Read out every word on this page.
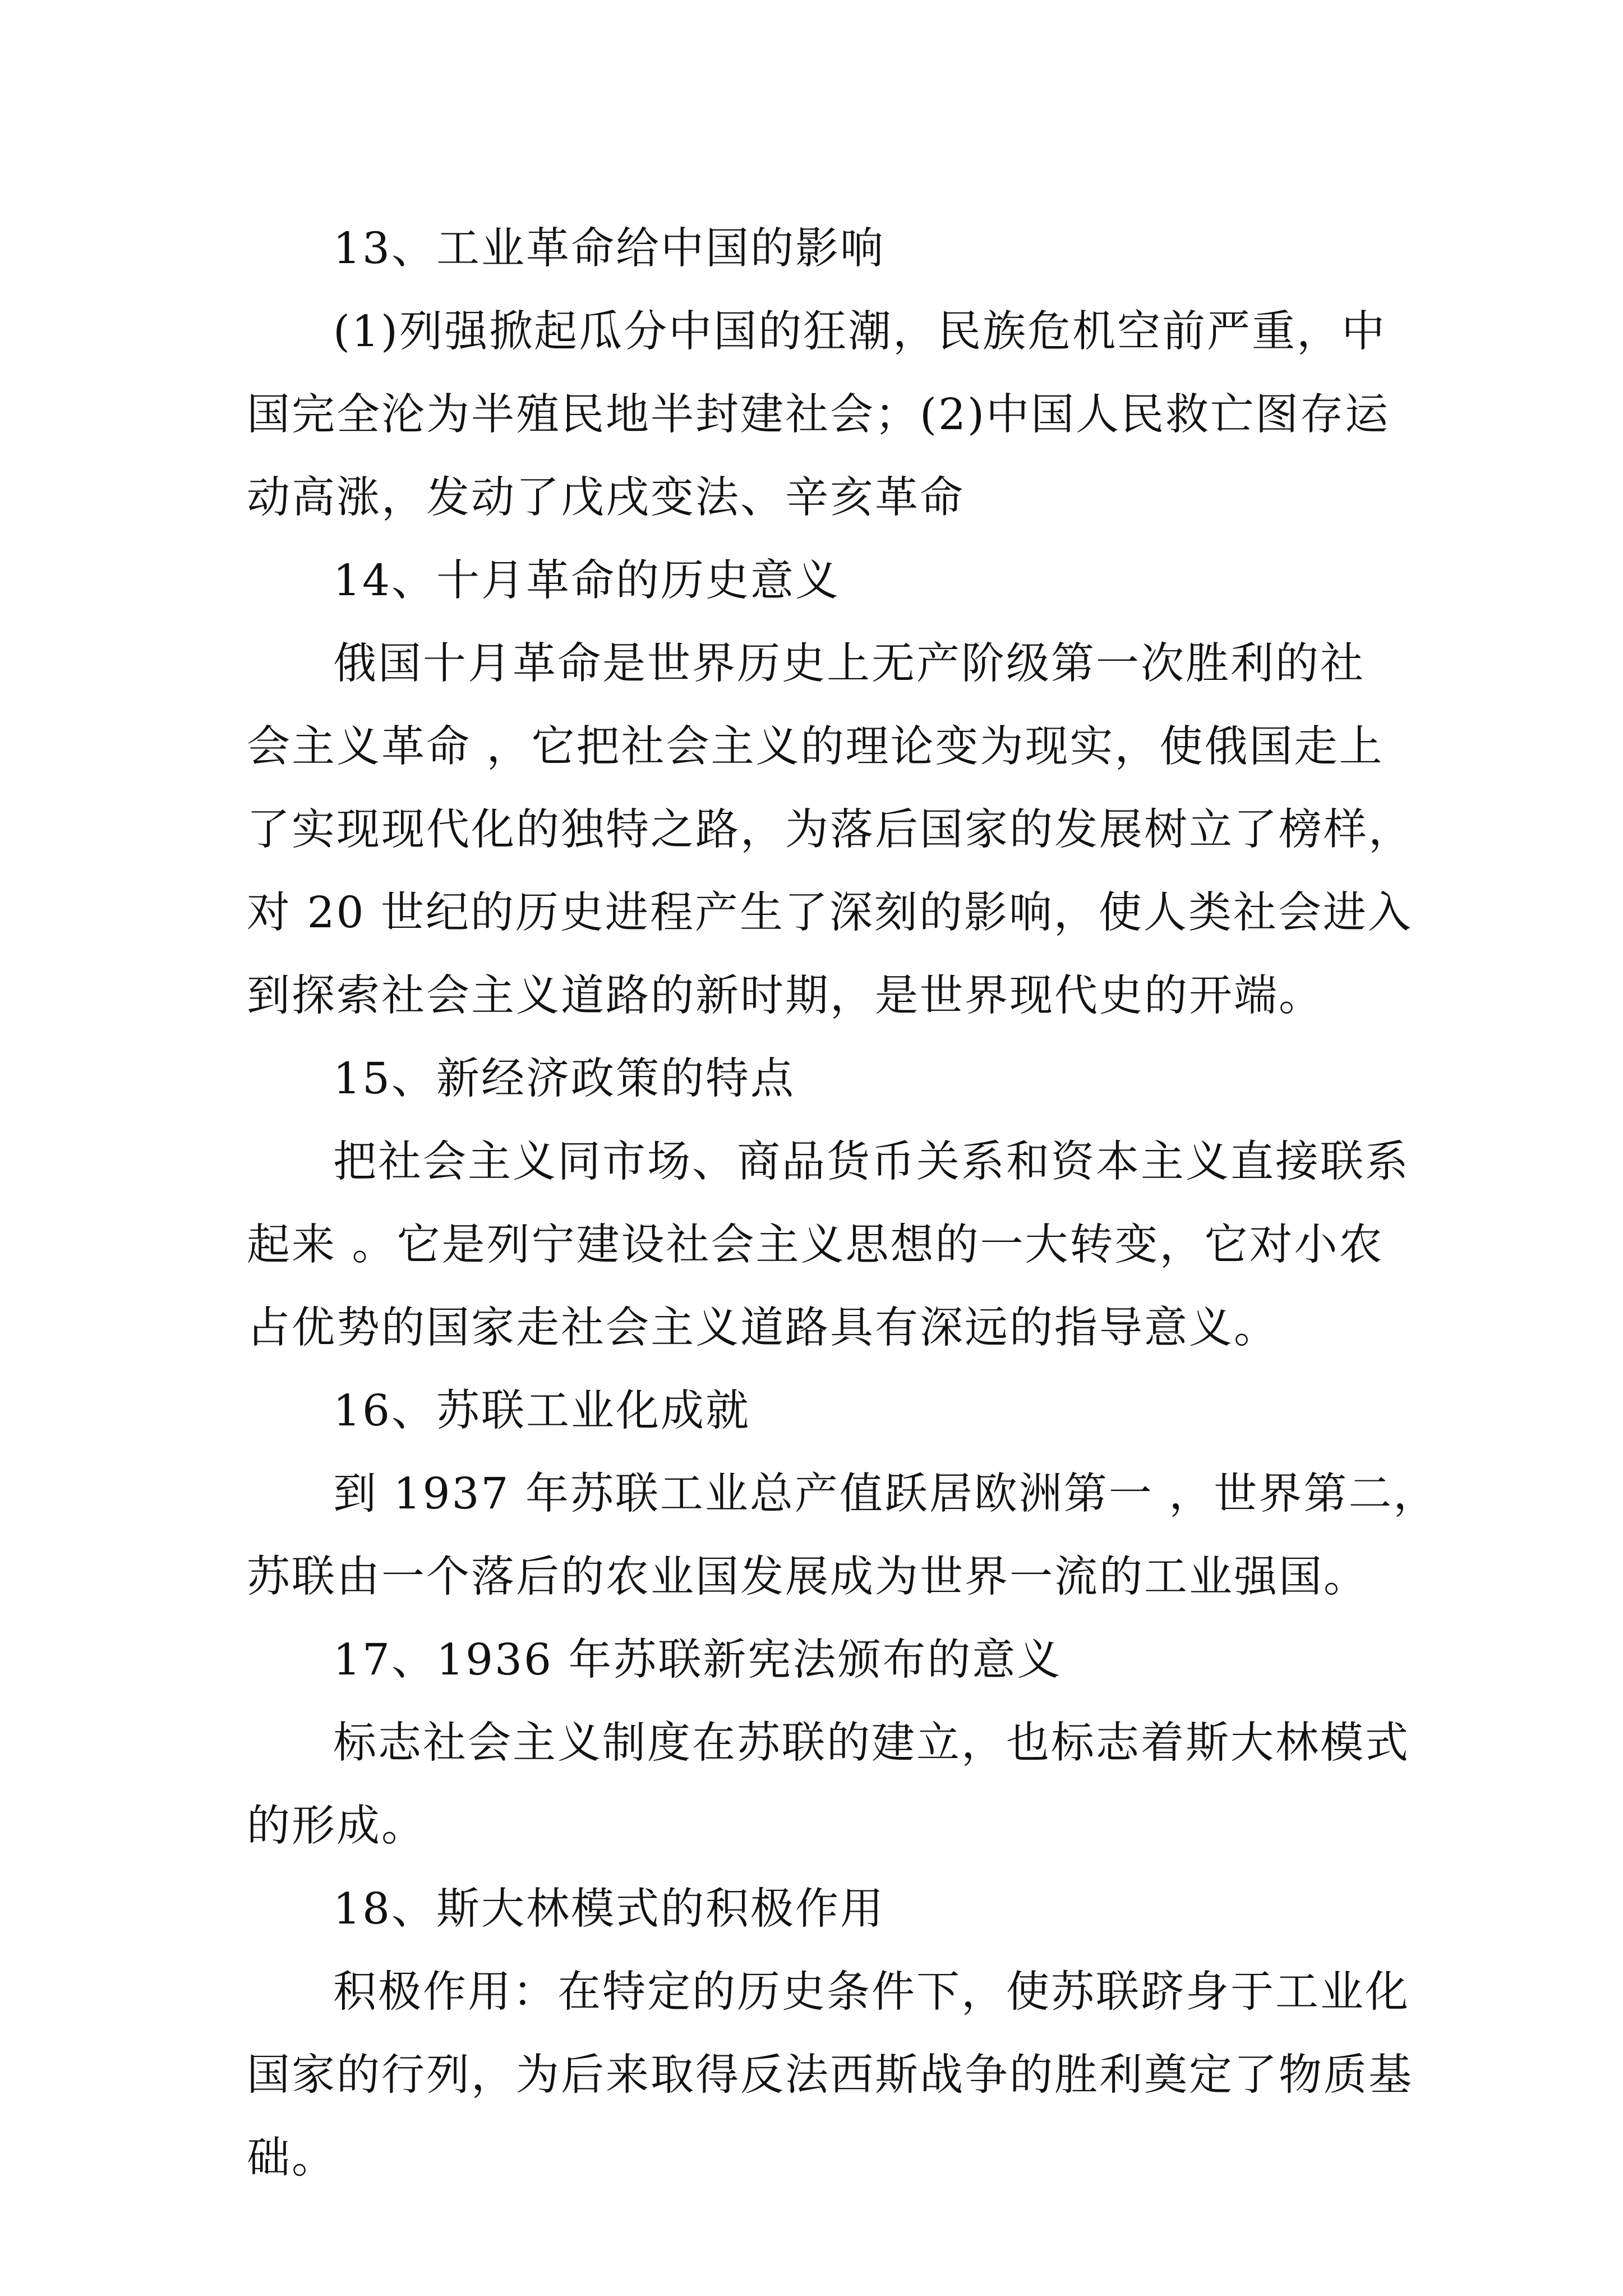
13、工业革命给中国的影响
(1)列强掀起瓜分中国的狂潮，民族危机空前严重，中
国完全沦为半殖民地半封建社会；(2)中国人民救亡图存运
动高涨，发动了戊戌变法、辛亥革命
14、十月革命的历史意义
俄国十月革命是世界历史上无产阶级第一次胜利的社
会主义革命 ，它把社会主义的理论变为现实，使俄国走上
了实现现代化的独特之路，为落后国家的发展树立了榜样，
对 20 世纪的历史进程产生了深刻的影响，使人类社会进入
到探索社会主义道路的新时期，是世界现代史的开端。
15、新经济政策的特点
把社会主义同市场、商品货币关系和资本主义直接联系
起来 。它是列宁建设社会主义思想的一大转变，它对小农
占优势的国家走社会主义道路具有深远的指导意义。
16、苏联工业化成就
到 1937 年苏联工业总产值跃居欧洲第一 ，世界第二，
苏联由一个落后的农业国发展成为世界一流的工业强国。
17、1936 年苏联新宪法颁布的意义
标志社会主义制度在苏联的建立，也标志着斯大林模式
的形成。
18、斯大林模式的积极作用
积极作用：在特定的历史条件下，使苏联跻身于工业化
国家的行列，为后来取得反法西斯战争的胜利奠定了物质基
础。
